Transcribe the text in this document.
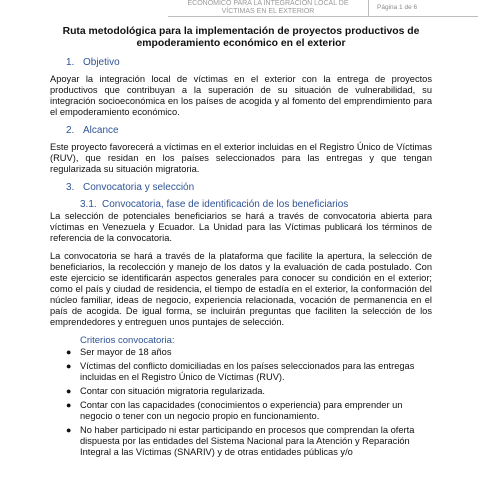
ECONÓMICO PARA LA INTEGRACIÓN LOCAL DE
VÍCTIMAS EN EL EXTERIOR	Página 1 de 6
Ruta metodológica para la implementación de proyectos productivos de empoderamiento económico en el exterior
1. Objetivo
Apoyar la integración local de víctimas en el exterior con la entrega de proyectos productivos que contribuyan a la superación de su situación de vulnerabilidad, su integración socioeconómica en los países de acogida y al fomento del emprendimiento para el empoderamiento económico.
2. Alcance
Este proyecto favorecerá a víctimas en el exterior incluidas en el Registro Único de Víctimas (RUV), que residan en los países seleccionados para las entregas y que tengan regularizada su situación migratoria.
3. Convocatoria y selección
3.1. Convocatoria, fase de identificación de los beneficiarios
La selección de potenciales beneficiarios se hará a través de convocatoria abierta para víctimas en Venezuela y Ecuador. La Unidad para las Víctimas publicará los términos de referencia de la convocatoria.
La convocatoria se hará a través de la plataforma que facilite la apertura, la selección de beneficiarios, la recolección y manejo de los datos y la evaluación de cada postulado. Con este ejercicio se identificarán aspectos generales para conocer su condición en el exterior; como el país y ciudad de residencia, el tiempo de estadía en el exterior, la conformación del núcleo familiar, ideas de negocio, experiencia relacionada, vocación de permanencia en el país de acogida. De igual forma, se incluirán preguntas que faciliten la selección de los emprendedores y entreguen unos puntajes de selección.
Criterios convocatoria:
● Ser mayor de 18 años
● Víctimas del conflicto domiciliadas en los países seleccionados para las entregas incluidas en el Registro Único de Víctimas (RUV).
● Contar con situación migratoria regularizada.
● Contar con las capacidades (conocimientos o experiencia) para emprender un negocio o tener con un negocio propio en funcionamiento.
● No haber participado ni estar participando en procesos que comprendan la oferta dispuesta por las entidades del Sistema Nacional para la Atención y Reparación Integral a las Víctimas (SNARIV) y de otras entidades públicas y/o
